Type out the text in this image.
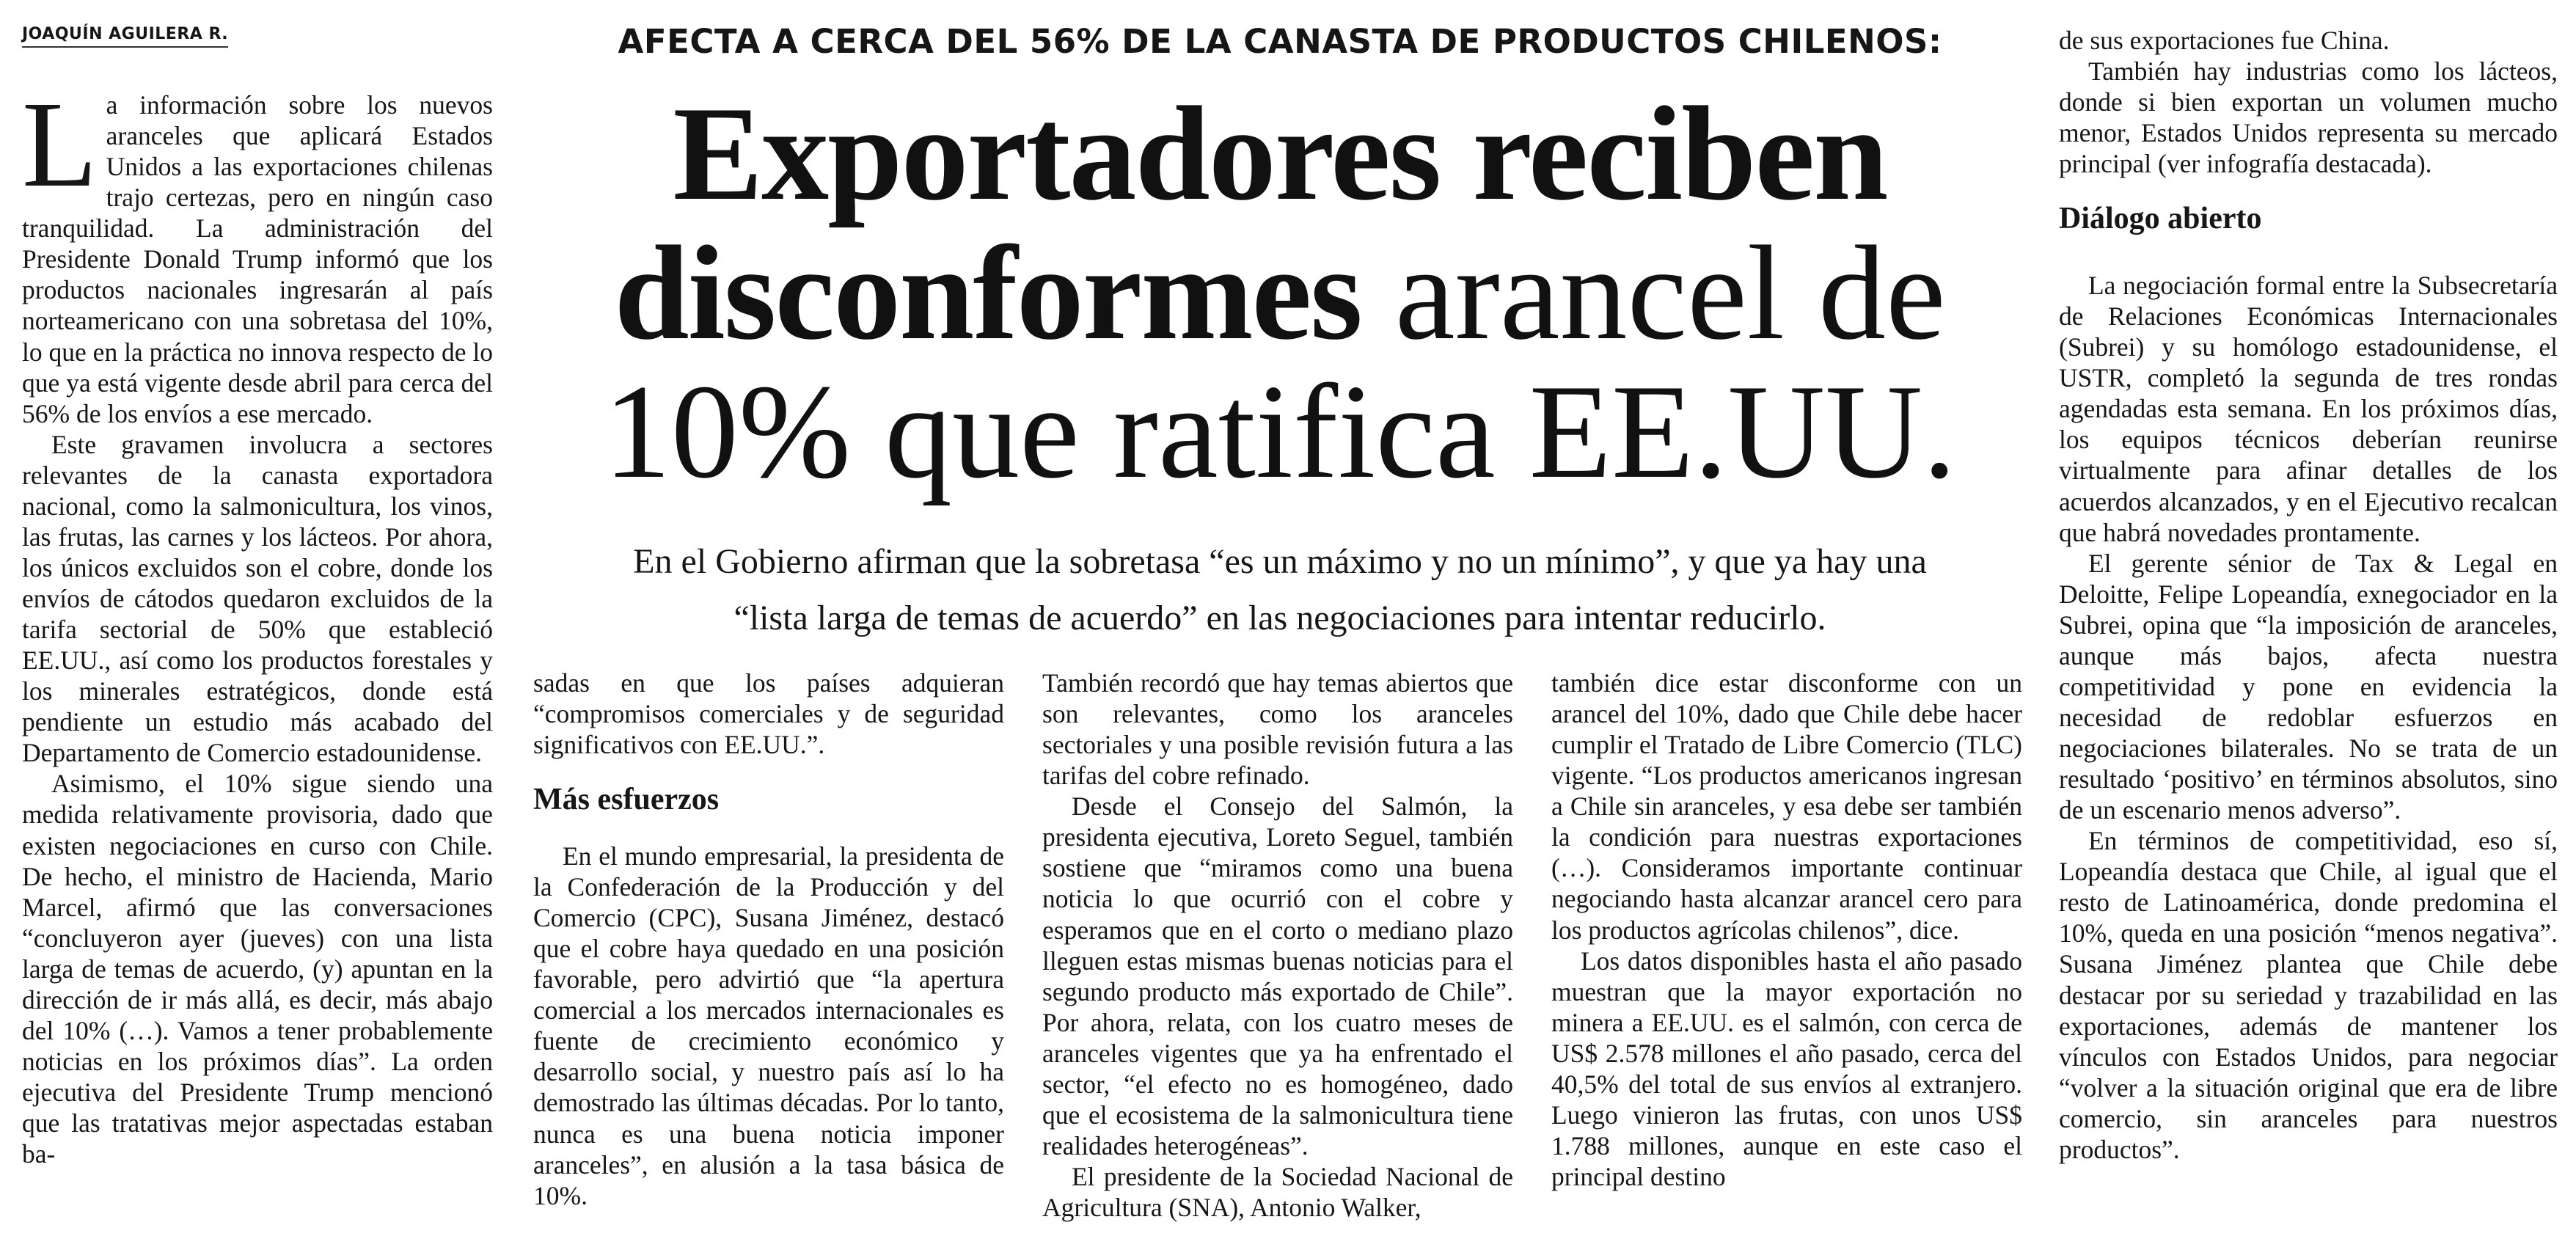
JOAQUÍN AGUILERA R.	AFECTA A CERCA DEL 56% DE LA CANASTA DE PRODUCTOS CHILENOS:
Exportadores reciben
disconformes arancel de
10% que ratifica EE.UU.
En el Gobierno afirman que la sobretasa “es un máximo y no un mínimo”, y que ya hay una
“lista larga de temas de acuerdo” en las negociaciones para intentar reducirlo.

La información sobre los nuevos aranceles que aplicará Estados Unidos a las exportaciones chilenas trajo certezas, pero en ningún caso tranquilidad. La administración del Presidente Donald Trump informó que los productos nacionales ingresarán al país norteamericano con una sobretasa del 10%, lo que en la práctica no innova respecto de lo que ya está vigente desde abril para cerca del 56% de los envíos a ese mercado.

Este gravamen involucra a sectores relevantes de la canasta exportadora nacional, como la salmonicultura, los vinos, las frutas, las carnes y los lácteos. Por ahora, los únicos excluidos son el cobre, donde los envíos de cátodos quedaron excluidos de la tarifa sectorial de 50% que estableció EE.UU., así como los productos forestales y los minerales estratégicos, donde está pendiente un estudio más acabado del Departamento de Comercio estadounidense.

Asimismo, el 10% sigue siendo una medida relativamente provisoria, dado que existen negociaciones en curso con Chile. De hecho, el ministro de Hacienda, Mario Marcel, afirmó que las conversaciones “concluyeron ayer (jueves) con una lista larga de temas de acuerdo, (y) apuntan en la dirección de ir más allá, es decir, más abajo del 10% (…). Vamos a tener probablemente noticias en los próximos días”. La orden ejecutiva del Presidente Trump mencionó que las tratativas mejor aspectadas estaban ba-

sadas en que los países adquieran “compromisos comerciales y de seguridad significativos con EE.UU.”.

Más esfuerzos

En el mundo empresarial, la presidenta de la Confederación de la Producción y del Comercio (CPC), Susana Jiménez, destacó que el cobre haya quedado en una posición favorable, pero advirtió que “la apertura comercial a los mercados internacionales es fuente de crecimiento económico y desarrollo social, y nuestro país así lo ha demostrado las últimas décadas. Por lo tanto, nunca es una buena noticia imponer aranceles”, en alusión a la tasa básica de 10%.

También recordó que hay temas abiertos que son relevantes, como los aranceles sectoriales y una posible revisión futura a las tarifas del cobre refinado.

Desde el Consejo del Salmón, la presidenta ejecutiva, Loreto Seguel, también sostiene que “miramos como una buena noticia lo que ocurrió con el cobre y esperamos que en el corto o mediano plazo lleguen estas mismas buenas noticias para el segundo producto más exportado de Chile”. Por ahora, relata, con los cuatro meses de aranceles vigentes que ya ha enfrentado el sector, “el efecto no es homogéneo, dado que el ecosistema de la salmonicultura tiene realidades heterogéneas”.

El presidente de la Sociedad Nacional de Agricultura (SNA), Antonio Walker,

también dice estar disconforme con un arancel del 10%, dado que Chile debe hacer cumplir el Tratado de Libre Comercio (TLC) vigente. “Los productos americanos ingresan a Chile sin aranceles, y esa debe ser también la condición para nuestras exportaciones (…). Consideramos importante continuar negociando hasta alcanzar arancel cero para los productos agrícolas chilenos”, dice.

Los datos disponibles hasta el año pasado muestran que la mayor exportación no minera a EE.UU. es el salmón, con cerca de US$ 2.578 millones el año pasado, cerca del 40,5% del total de sus envíos al extranjero. Luego vinieron las frutas, con unos US$ 1.788 millones, aunque en este caso el principal destino

de sus exportaciones fue China.

También hay industrias como los lácteos, donde si bien exportan un volumen mucho menor, Estados Unidos representa su mercado principal (ver infografía destacada).

Diálogo abierto

La negociación formal entre la Subsecretaría de Relaciones Económicas Internacionales (Subrei) y su homólogo estadounidense, el USTR, completó la segunda de tres rondas agendadas esta semana. En los próximos días, los equipos técnicos deberían reunirse virtualmente para afinar detalles de los acuerdos alcanzados, y en el Ejecutivo recalcan que habrá novedades prontamente.

El gerente sénior de Tax & Legal en Deloitte, Felipe Lopeandía, exnegociador en la Subrei, opina que “la imposición de aranceles, aunque más bajos, afecta nuestra competitividad y pone en evidencia la necesidad de redoblar esfuerzos en negociaciones bilaterales. No se trata de un resultado ‘positivo’ en términos absolutos, sino de un escenario menos adverso”.

En términos de competitividad, eso sí, Lopeandía destaca que Chile, al igual que el resto de Latinoamérica, donde predomina el 10%, queda en una posición “menos negativa”. Susana Jiménez plantea que Chile debe destacar por su seriedad y trazabilidad en las exportaciones, además de mantener los vínculos con Estados Unidos, para negociar “volver a la situación original que era de libre comercio, sin aranceles para nuestros productos”.
